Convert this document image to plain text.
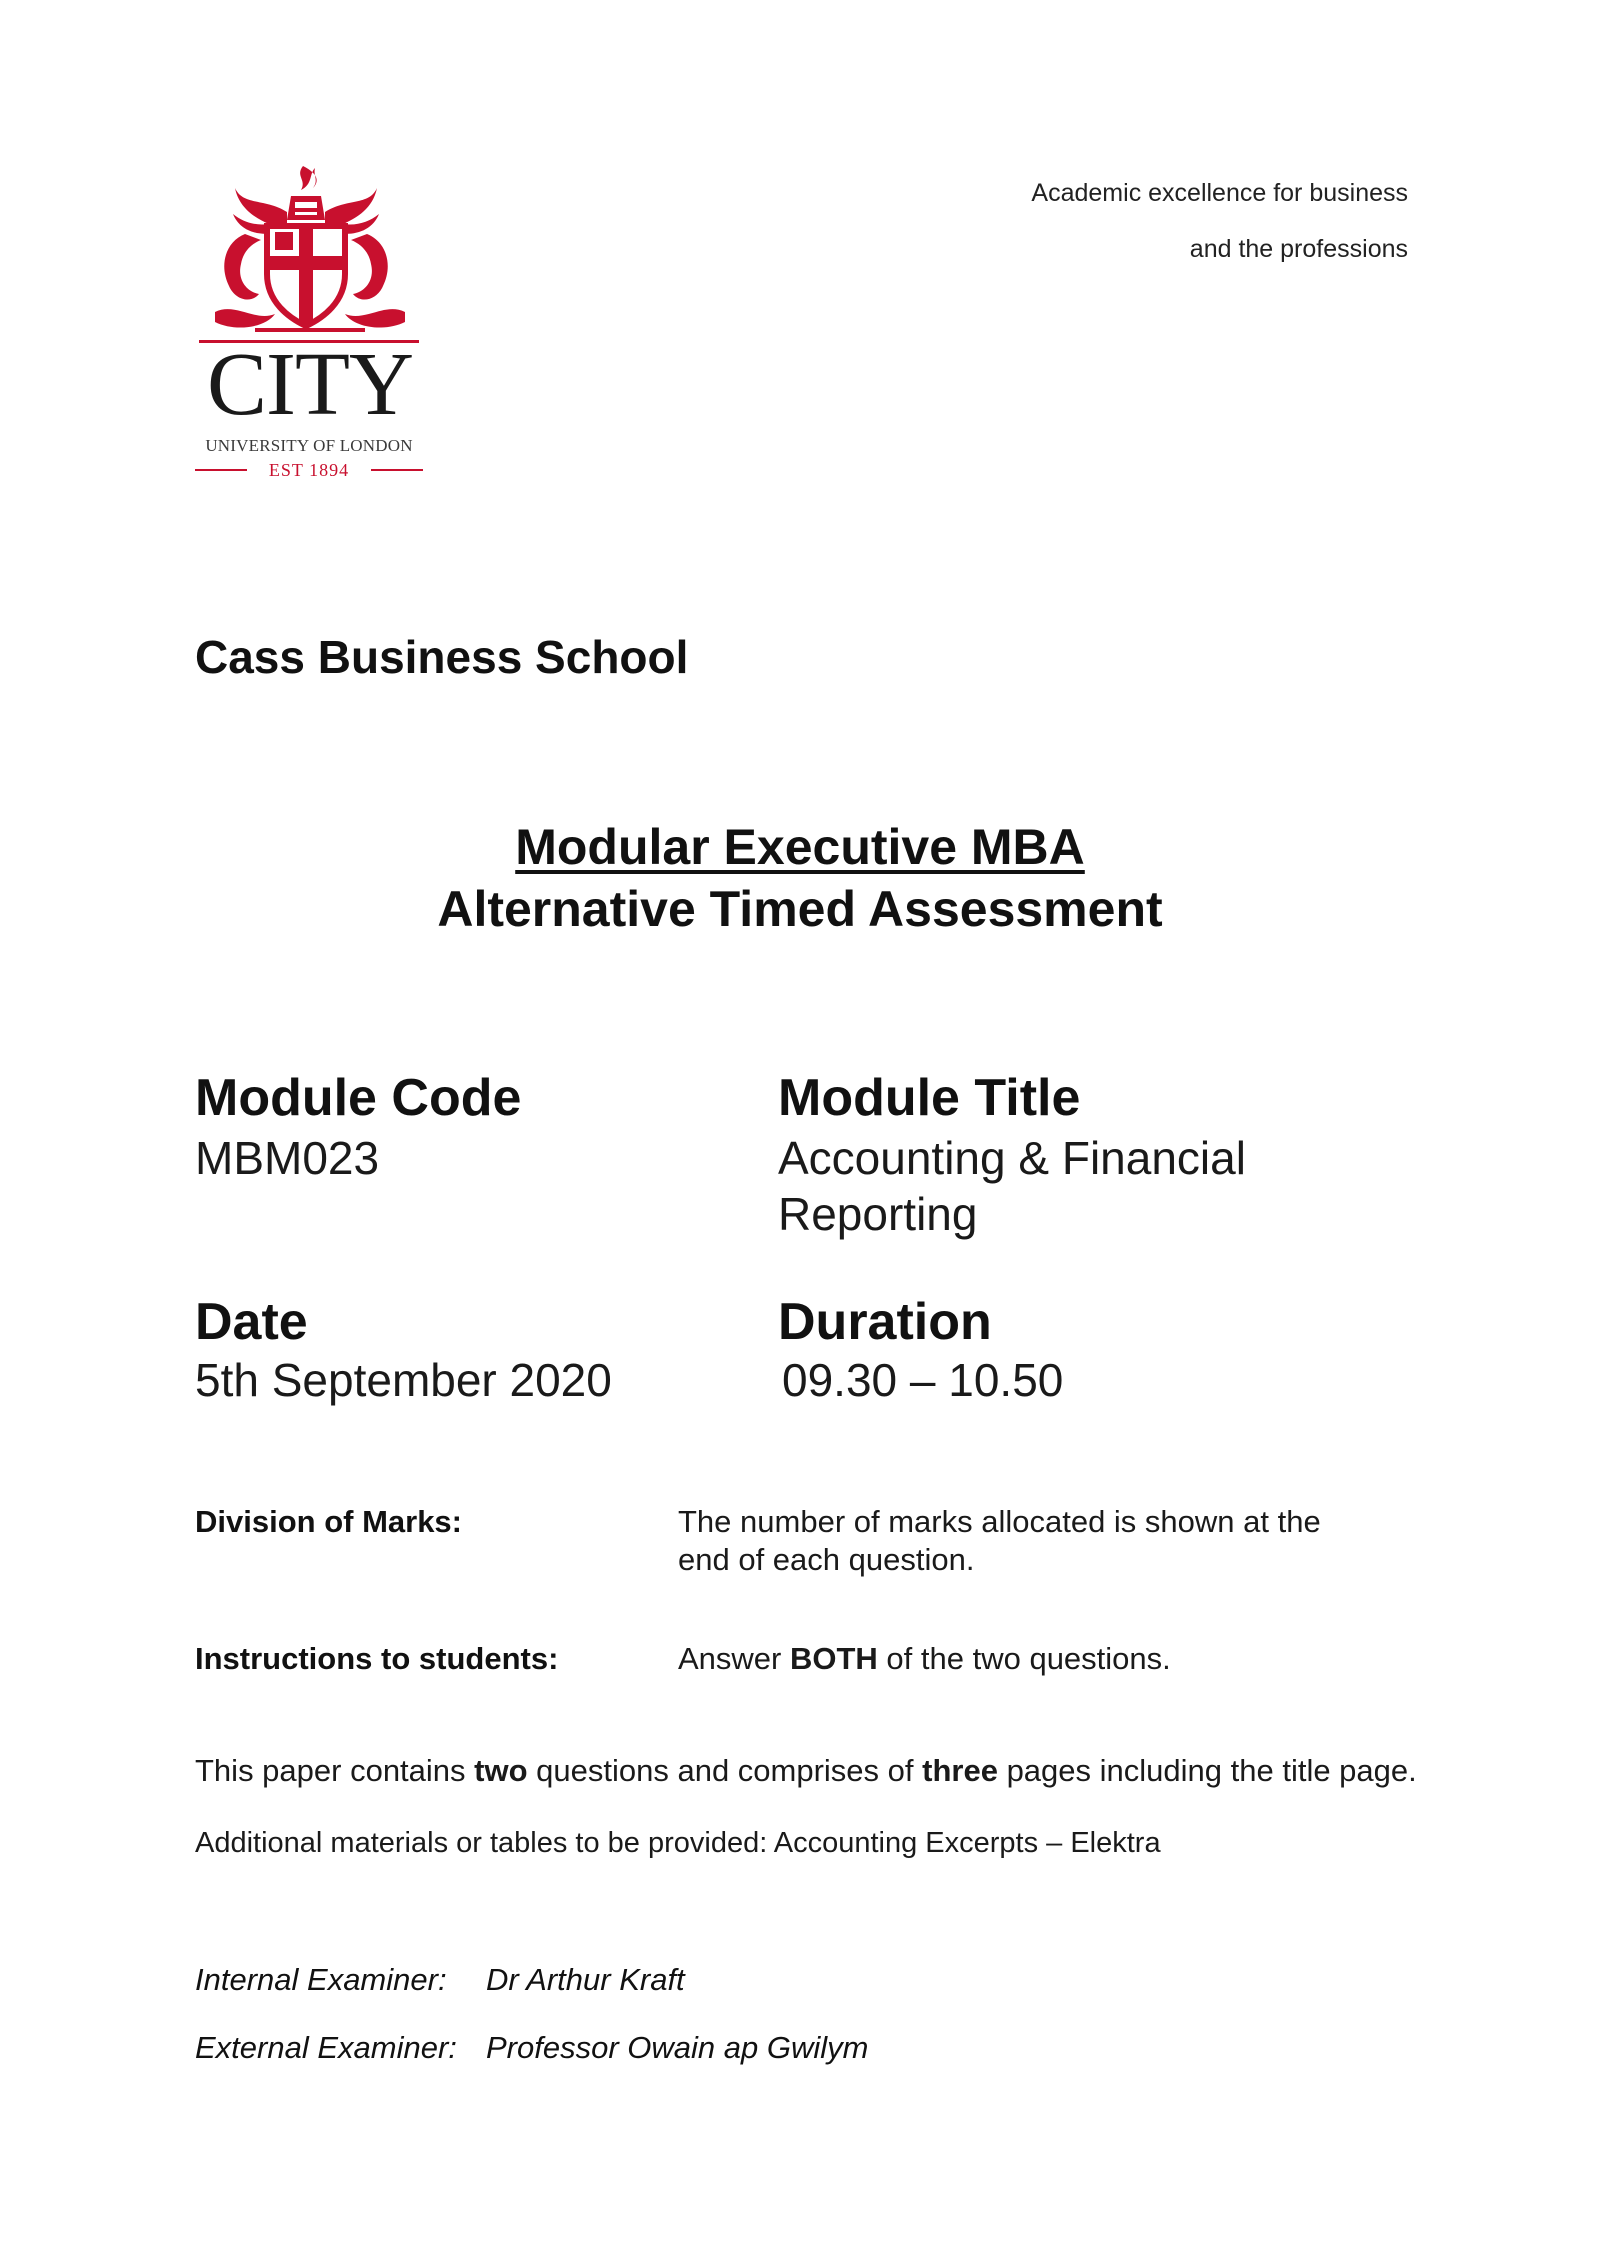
CITY
UNIVERSITY OF LONDON
EST 1894
Academic excellence for business
and the professions
Cass Business School
Modular Executive MBA
Alternative Timed Assessment
Module Code
MBM023
Module Title
Accounting & Financial
Reporting
Date
5th September 2020
Duration
09.30 – 10.50
Division of Marks:	The number of marks allocated is shown at the
end of each question.
Instructions to students:	Answer BOTH of the two questions.
This paper contains two questions and comprises of three pages including the title page.
Additional materials or tables to be provided: Accounting Excerpts – Elektra
Internal Examiner: Dr Arthur Kraft
External Examiner: Professor Owain ap Gwilym
